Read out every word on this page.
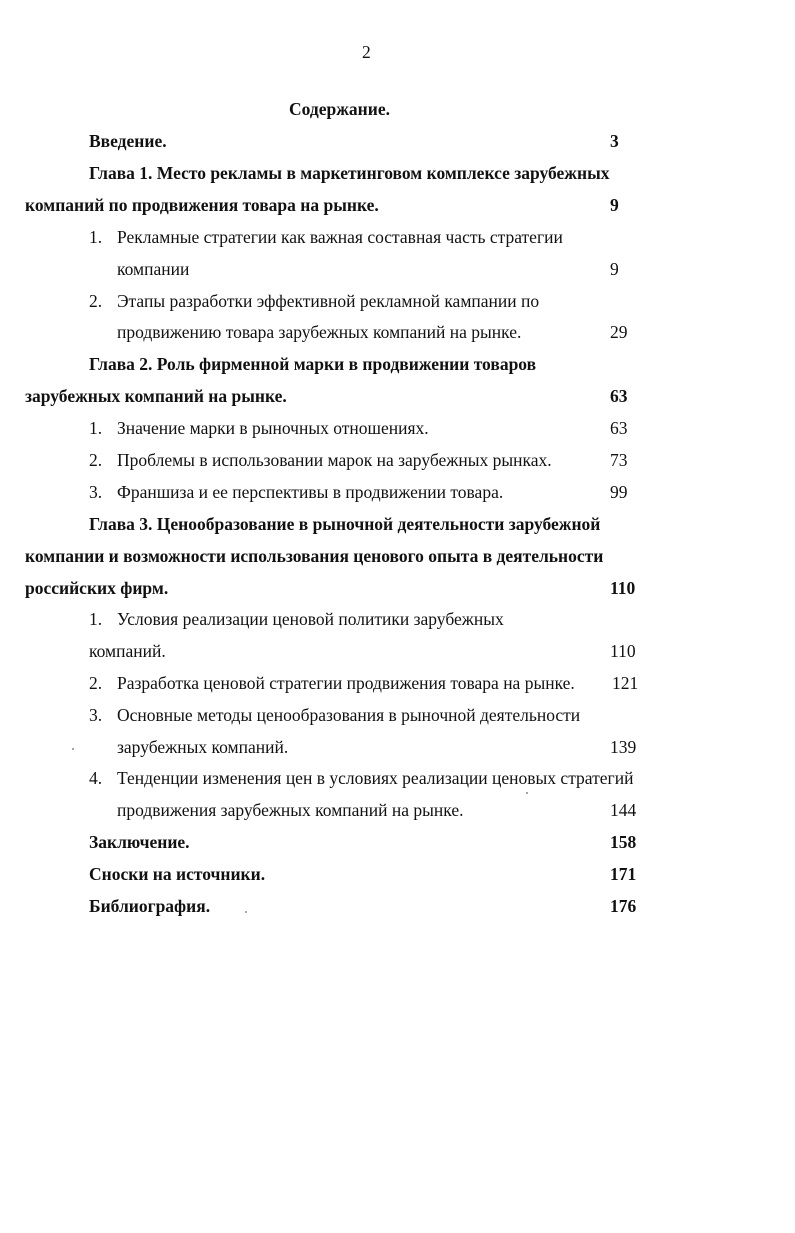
2
Содержание.
Введение.	3
Глава 1. Место рекламы в маркетинговом комплексе зарубежных
компаний по продвижения товара на рынке.	9
1. Рекламные стратегии как важная составная часть стратегии
компании	9
2. Этапы разработки эффективной рекламной кампании по
продвижению товара зарубежных компаний на рынке.	29
Глава 2. Роль фирменной марки в продвижении товаров
зарубежных компаний на рынке.	63
1. Значение марки в рыночных отношениях.	63
2. Проблемы в использовании марок на зарубежных рынках.	73
3. Франшиза и ее перспективы в продвижении товара.	99
Глава 3. Ценообразование в рыночной деятельности зарубежной
компании и возможности использования ценового опыта в деятельности
российских фирм.	110
1. Условия реализации ценовой политики зарубежных
компаний.	110
2. Разработка ценовой стратегии продвижения товара на рынке. 121
3. Основные методы ценообразования в рыночной деятельности
зарубежных компаний.	139
4. Тенденции изменения цен в условиях реализации ценовых стратегий
продвижения зарубежных компаний на рынке.	144
Заключение.	158
Сноски на источники.	171
Библиография.	176
